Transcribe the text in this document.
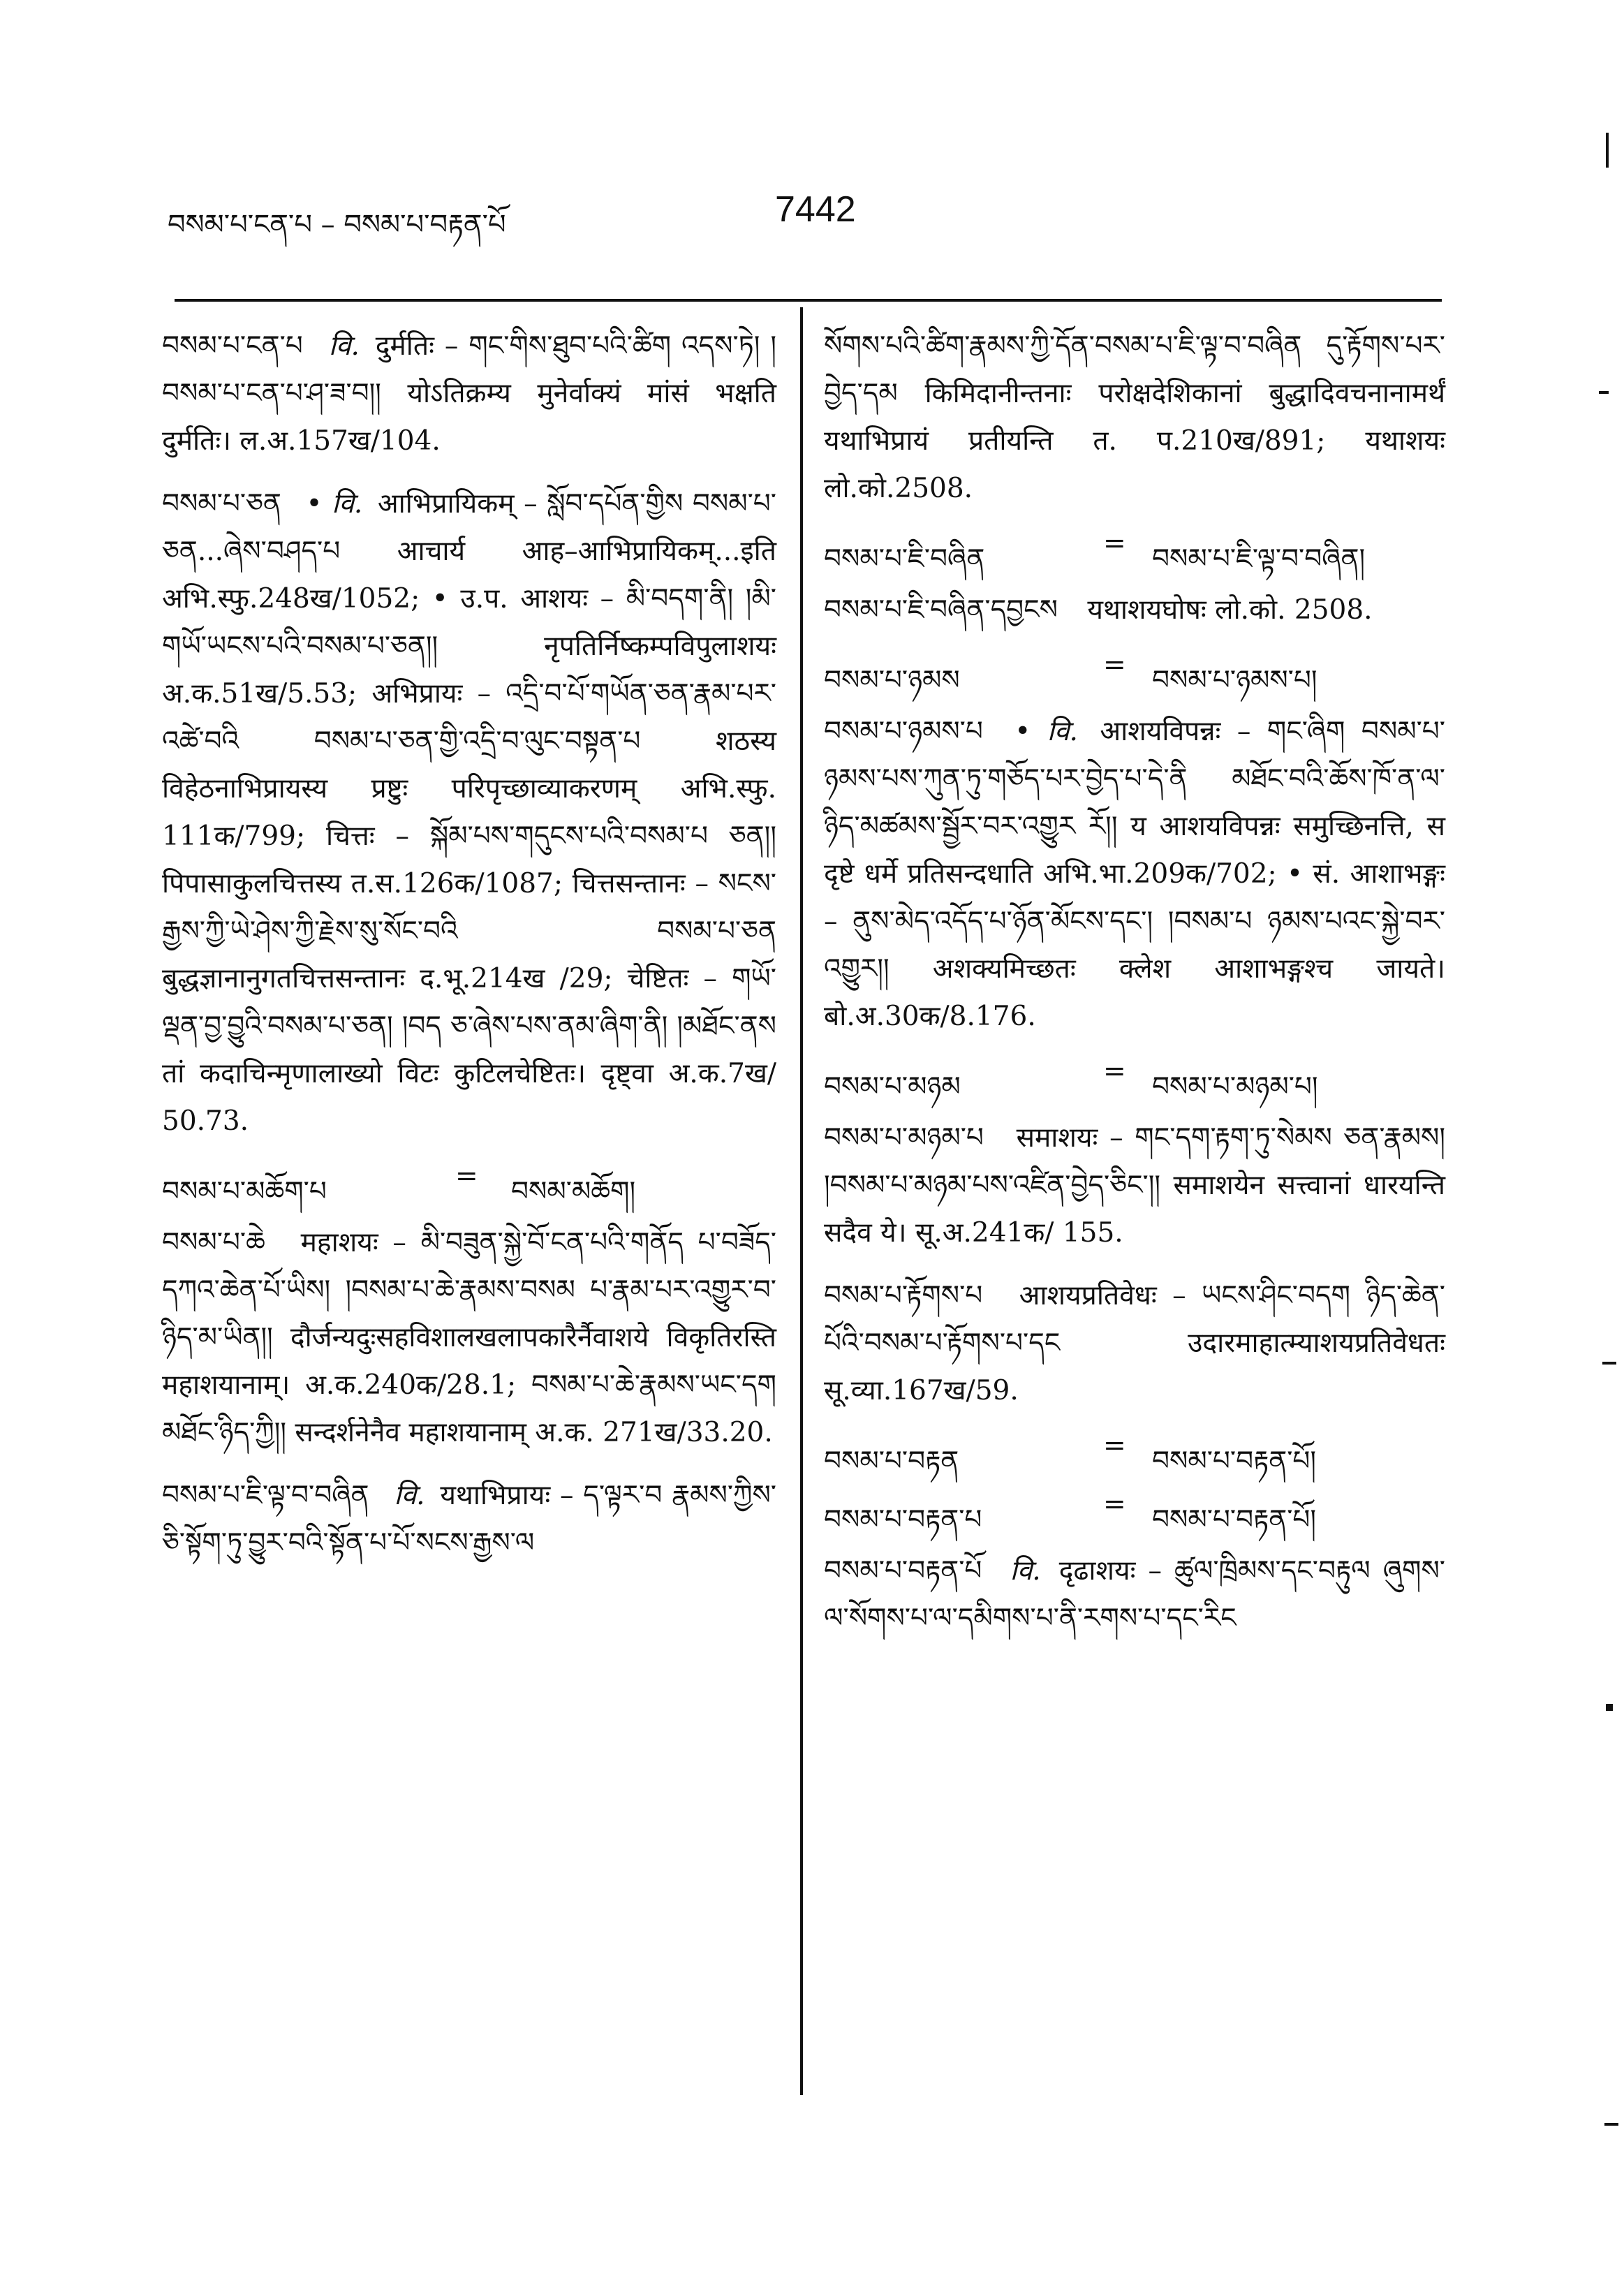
བསམ་པ་ངན་པ – བསམ་པ་བརྟན་པོ	7442

བསམ་པ་ངན་པ वि. दुर्मतिः – གང་གིས་ཐུབ་པའི་ཚིག འདས་ཏེ། །བསམ་པ་ངན་པ་ཤ་ཟ་བ།། योऽतिक्रम्य मुनेर्वाक्यं मांसं भक्षति दुर्मतिः। ल.अ.157ख/104.

བསམ་པ་ཅན • वि. आभिप्रायिकम् – སློབ་དཔོན་གྱིས བསམ་པ་ཅན...ཞེས་བཤད་པ आचार्य आह–आभिप्रायिकम्...इति अभि.स्फु.248ख/1052; • उ.प. आशयः – མི་བདག་ནི། །མི་གཡོ་ཡངས་པའི་བསམ་པ་ཅན།། नृपतिर्निष्कम्पविपुलाशयः अ.क.51ख/5.53; अभिप्रायः – འདྲི་བ་པོ་གཡོན་ཅན་རྣམ་པར་འཚེ་བའི བསམ་པ་ཅན་གྱི་འདྲི་བ་ལུང་བསྟན་པ शठस्य विहेठनाभिप्रायस्य प्रष्टुः परिपृच्छाव्याकरणम् अभि.स्फु. 111क/799; चित्तः – སྐོམ་པས་གདུངས་པའི་བསམ་པ ཅན།། पिपासाकुलचित्तस्य त.स.126क/1087; चित्तसन्तानः – སངས་རྒྱས་ཀྱི་ཡེ་ཤེས་ཀྱི་རྗེས་སུ་སོང་བའི བསམ་པ་ཅན बुद्धज्ञानानुगतचित्तसन्तानः द.भू.214ख /29; चेष्टितः – གཡོ་ལྡན་བྱ་བྱུའི་བསམ་པ་ཅན། །བད ཅ་ཞེས་པས་ནམ་ཞིག་ནི། །མཐོང་ནས तां कदाचिन्मृणालाख्यो विटः कुटिलचेष्टितः। दृष्ट्वा अ.क.7ख/ 50.73.

བསམ་པ་མཆོག་པ	= བསམ་མཆོག།

བསམ་པ་ཆེ महाशयः – མི་བཟུན་སྐྱེ་བོ་ངན་པའི་གནོད པ་བཟོད་དཀའ་ཆེན་པོ་ཡིས། །བསམ་པ་ཆེ་རྣམས་བསམ པ་རྣམ་པར་འགྱུར་བ་ཉིད་མ་ཡིན།། दौर्जन्यदुःसहविशालखलापकारैर्नैवाशये विकृतिरस्ति महाशयानाम्। अ.क.240क/28.1; བསམ་པ་ཆེ་རྣམས་ཡང་དག མཐོང་ཉིད་ཀྱི།། सन्दर्शनेनैव महाशयानाम् अ.क. 271ख/33.20.

བསམ་པ་ཇི་ལྟ་བ་བཞིན वि. यथाभिप्रायः – ད་ལྟར་བ རྣམས་ཀྱིས་ཅི་སྟོག་ཏུ་བྱུར་བའི་སྟོན་པ་པོ་སངས་རྒྱས་ལ

སོགས་པའི་ཚིག་རྣམས་ཀྱི་དོན་བསམ་པ་ཇི་ལྟ་བ་བཞིན དུ་རྟོགས་པར་བྱེད་དམ किमिदानीन्तनाः परोक्षदेशिकानां बुद्धादिवचनानामर्थं यथाभिप्रायं प्रतीयन्ति त. प.210ख/891; यथाशयः लो.को.2508.

བསམ་པ་ཇི་བཞིན	= བསམ་པ་ཇི་ལྟ་བ་བཞིན།

བསམ་པ་ཇི་བཞིན་དབྱངས यथाशयघोषः लो.को. 2508.

བསམ་པ་ཉམས	= བསམ་པ་ཉམས་པ།

བསམ་པ་ཉམས་པ • वि. आशयविपन्नः – གང་ཞིག བསམ་པ་ཉམས་པས་ཀུན་ཏུ་གཅོད་པར་བྱེད་པ་དེ་ནི མཐོང་བའི་ཆོས་ཁོ་ན་ལ་ཉིད་མཚམས་སྦྱོར་བར་འགྱུར རོ།། य आशयविपन्नः समुच्छिनत्ति, स दृष्टे धर्मे प्रतिसन्दधाति अभि.भा.209क/702; • सं. आशाभङ्गः – ནུས་མེད་འདོད་པ་ཉོན་མོངས་དང་། །བསམ་པ ཉམས་པའང་སྐྱེ་བར་འགྱུར།། अशक्यमिच्छतः क्लेश आशाभङ्गश्च जायते। बो.अ.30क/8.176.

བསམ་པ་མཉམ	= བསམ་པ་མཉམ་པ།

བསམ་པ་མཉམ་པ समाशयः – གང་དག་རྟག་ཏུ་སེམས ཅན་རྣམས། །བསམ་པ་མཉམ་པས་འཛིན་བྱེད་ཅིང་།། समाशयेन सत्त्वानां धारयन्ति सदैव ये। सू.अ.241क/ 155.

བསམ་པ་རྟོགས་པ आशयप्रतिवेधः – ཡངས་ཤིང་བདག ཉིད་ཆེན་པོའི་བསམ་པ་རྟོགས་པ་དང उदारमाहात्म्याशयप्रतिवेधतः सू.व्या.167ख/59.

བསམ་པ་བརྟན	= བསམ་པ་བརྟན་པོ།
བསམ་པ་བརྟན་པ	= བསམ་པ་བརྟན་པོ།

བསམ་པ་བརྟན་པོ वि. दृढाशयः – ཚུལ་ཁྲིམས་དང་བརྟུལ ཞུགས་ལ་སོགས་པ་ལ་དམིགས་པ་ནི་རགས་པ་དང་རིང
